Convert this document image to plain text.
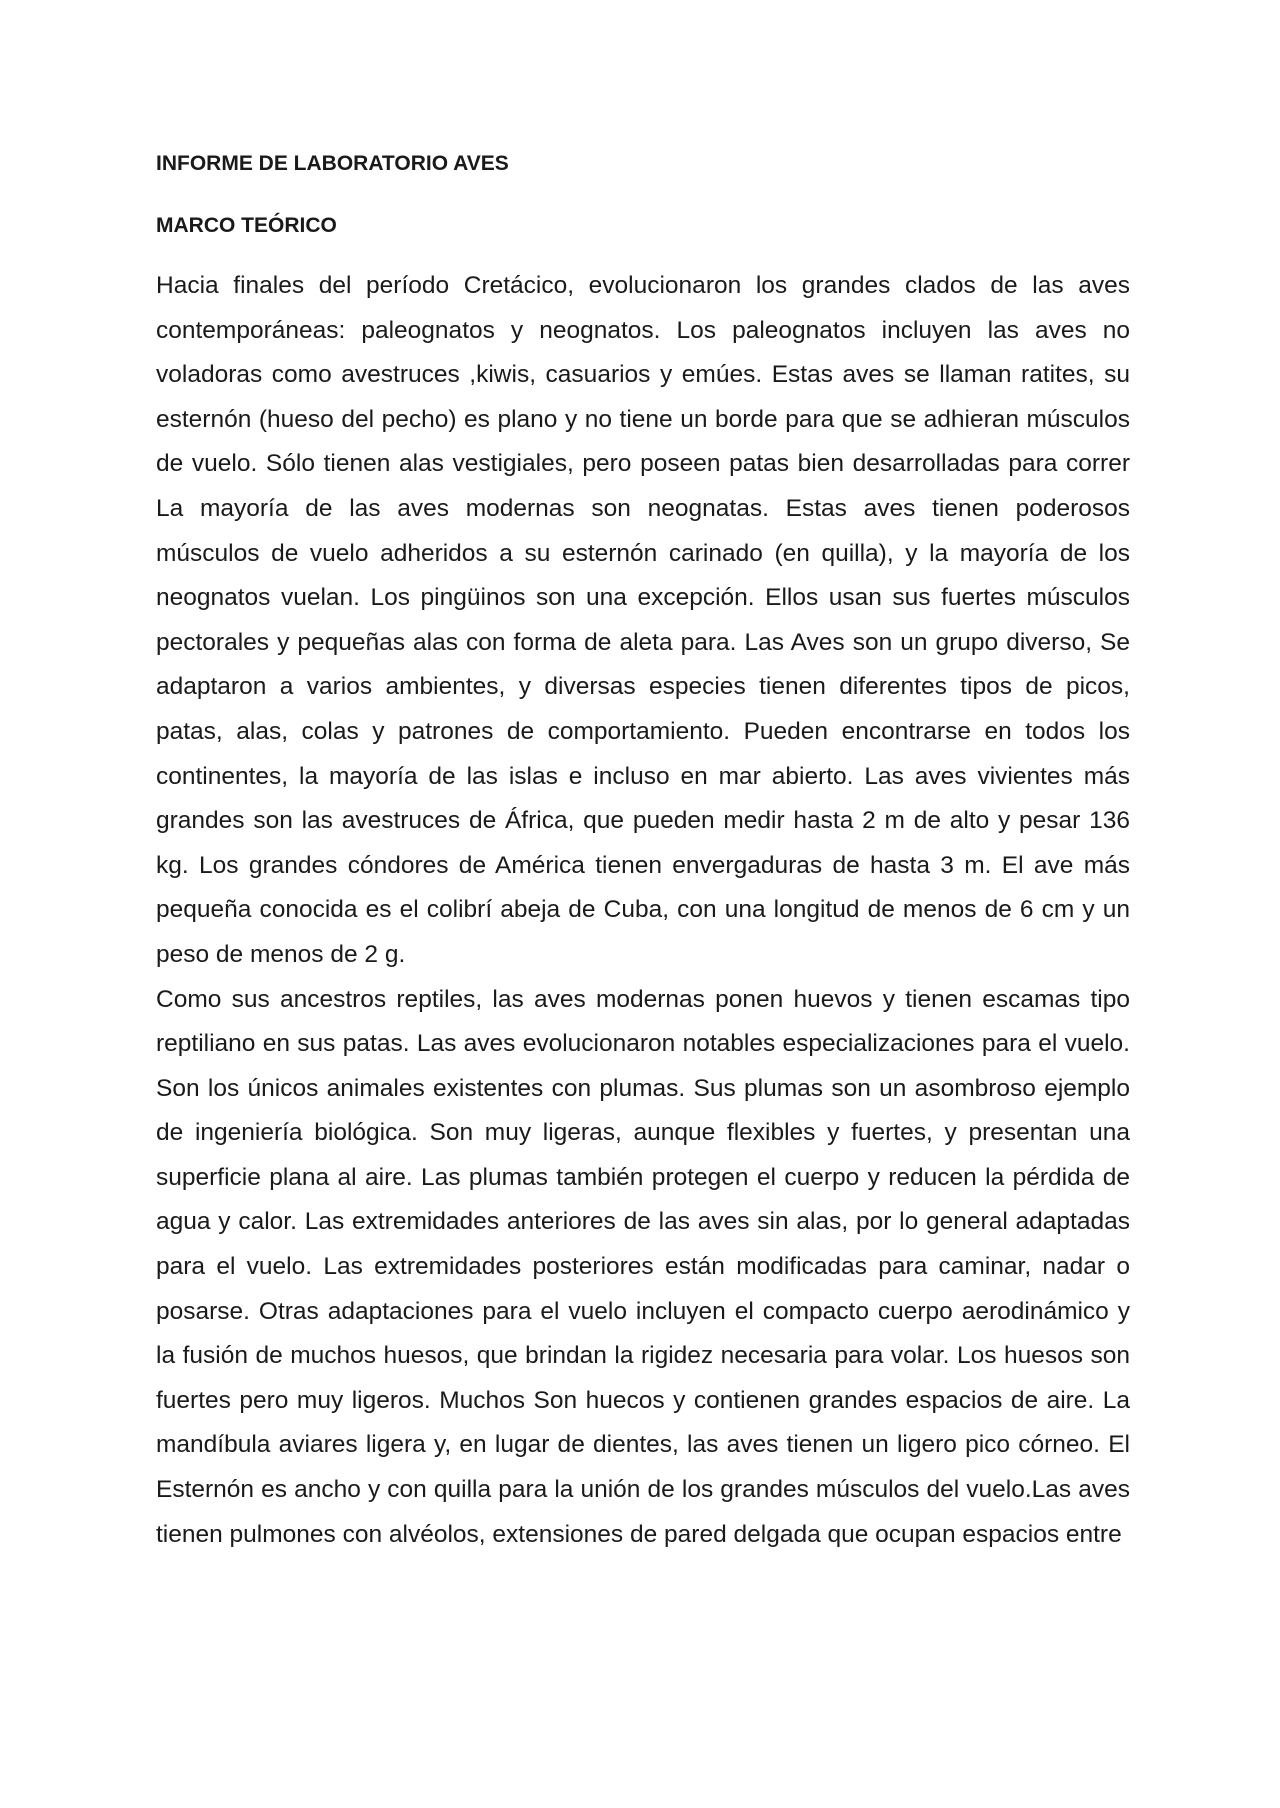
INFORME DE LABORATORIO AVES
MARCO TEÓRICO

Hacia finales del período Cretácico, evolucionaron los grandes clados de las aves contemporáneas: paleognatos y neognatos. Los paleognatos incluyen las aves no voladoras como avestruces ,kiwis, casuarios y emúes. Estas aves se llaman ratites, su esternón (hueso del pecho) es plano y no tiene un borde para que se adhieran músculos de vuelo. Sólo tienen alas vestigiales, pero poseen patas bien desarrolladas para correr La mayoría de las aves modernas son neognatas. Estas aves tienen poderosos músculos de vuelo adheridos a su esternón carinado (en quilla), y la mayoría de los neognatos vuelan. Los pingüinos son una excepción. Ellos usan sus fuertes músculos pectorales y pequeñas alas con forma de aleta para. Las Aves son un grupo diverso, Se adaptaron a varios ambientes, y diversas especies tienen diferentes tipos de picos, patas, alas, colas y patrones de comportamiento. Pueden encontrarse en todos los continentes, la mayoría de las islas e incluso en mar abierto. Las aves vivientes más grandes son las avestruces de África, que pueden medir hasta 2 m de alto y pesar 136 kg. Los grandes cóndores de América tienen envergaduras de hasta 3 m. El ave más pequeña conocida es el colibrí abeja de Cuba, con una longitud de menos de 6 cm y un peso de menos de 2 g.

Como sus ancestros reptiles, las aves modernas ponen huevos y tienen escamas tipo reptiliano en sus patas. Las aves evolucionaron notables especializaciones para el vuelo. Son los únicos animales existentes con plumas. Sus plumas son un asombroso ejemplo de ingeniería biológica. Son muy ligeras, aunque flexibles y fuertes, y presentan una superficie plana al aire. Las plumas también protegen el cuerpo y reducen la pérdida de agua y calor. Las extremidades anteriores de las aves sin alas, por lo general adaptadas para el vuelo. Las extremidades posteriores están modificadas para caminar, nadar o posarse. Otras adaptaciones para el vuelo incluyen el compacto cuerpo aerodinámico y la fusión de muchos huesos, que brindan la rigidez necesaria para volar. Los huesos son fuertes pero muy ligeros. Muchos Son huecos y contienen grandes espacios de aire. La mandíbula aviares ligera y, en lugar de dientes, las aves tienen un ligero pico córneo. El Esternón es ancho y con quilla para la unión de los grandes músculos del vuelo.Las aves tienen pulmones con alvéolos, extensiones de pared delgada que ocupan espacios entre
